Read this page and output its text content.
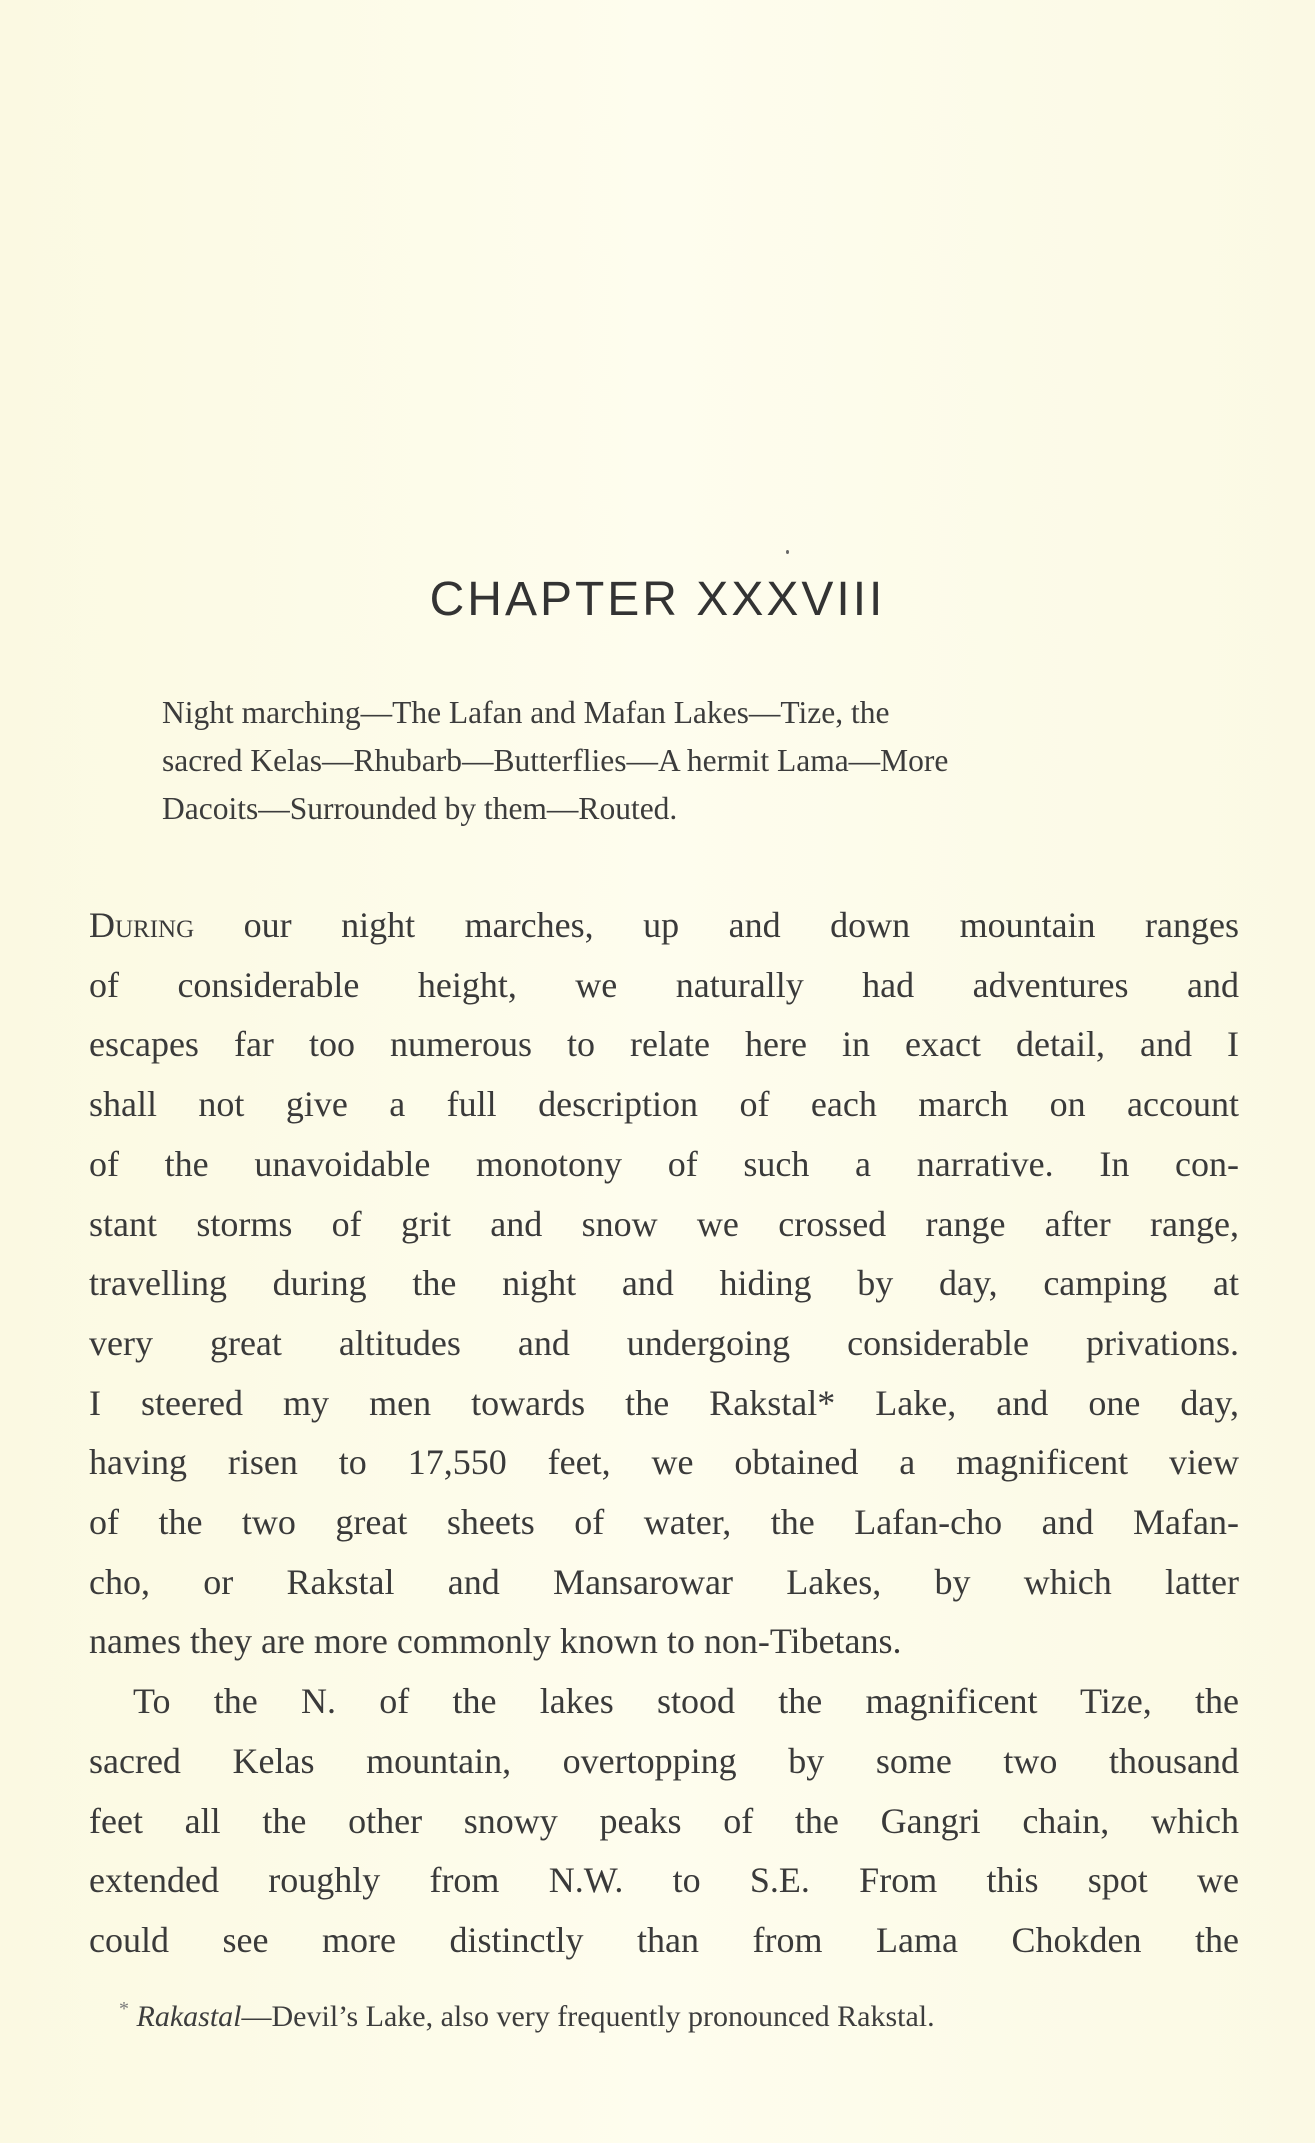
CHAPTER XXXVIII
Night marching—The Lafan and Mafan Lakes—Tize, the
sacred Kelas—Rhubarb—Butterflies—A hermit Lama—More
Dacoits—Surrounded by them—Routed.
During our night marches, up and down mountain ranges
of considerable height, we naturally had adventures and
escapes far too numerous to relate here in exact detail, and I
shall not give a full description of each march on account
of the unavoidable monotony of such a narrative. In con-
stant storms of grit and snow we crossed range after range,
travelling during the night and hiding by day, camping at
very great altitudes and undergoing considerable privations.
I steered my men towards the Rakstal* Lake, and one day,
having risen to 17,550 feet, we obtained a magnificent view
of the two great sheets of water, the Lafan-cho and Mafan-
cho, or Rakstal and Mansarowar Lakes, by which latter
names they are more commonly known to non-Tibetans.
To the N. of the lakes stood the magnificent Tize, the
sacred Kelas mountain, overtopping by some two thousand
feet all the other snowy peaks of the Gangri chain, which
extended roughly from N.W. to S.E. From this spot we
could see more distinctly than from Lama Chokden the
* Rakastal—Devil’s Lake, also very frequently pronounced Rakstal.
